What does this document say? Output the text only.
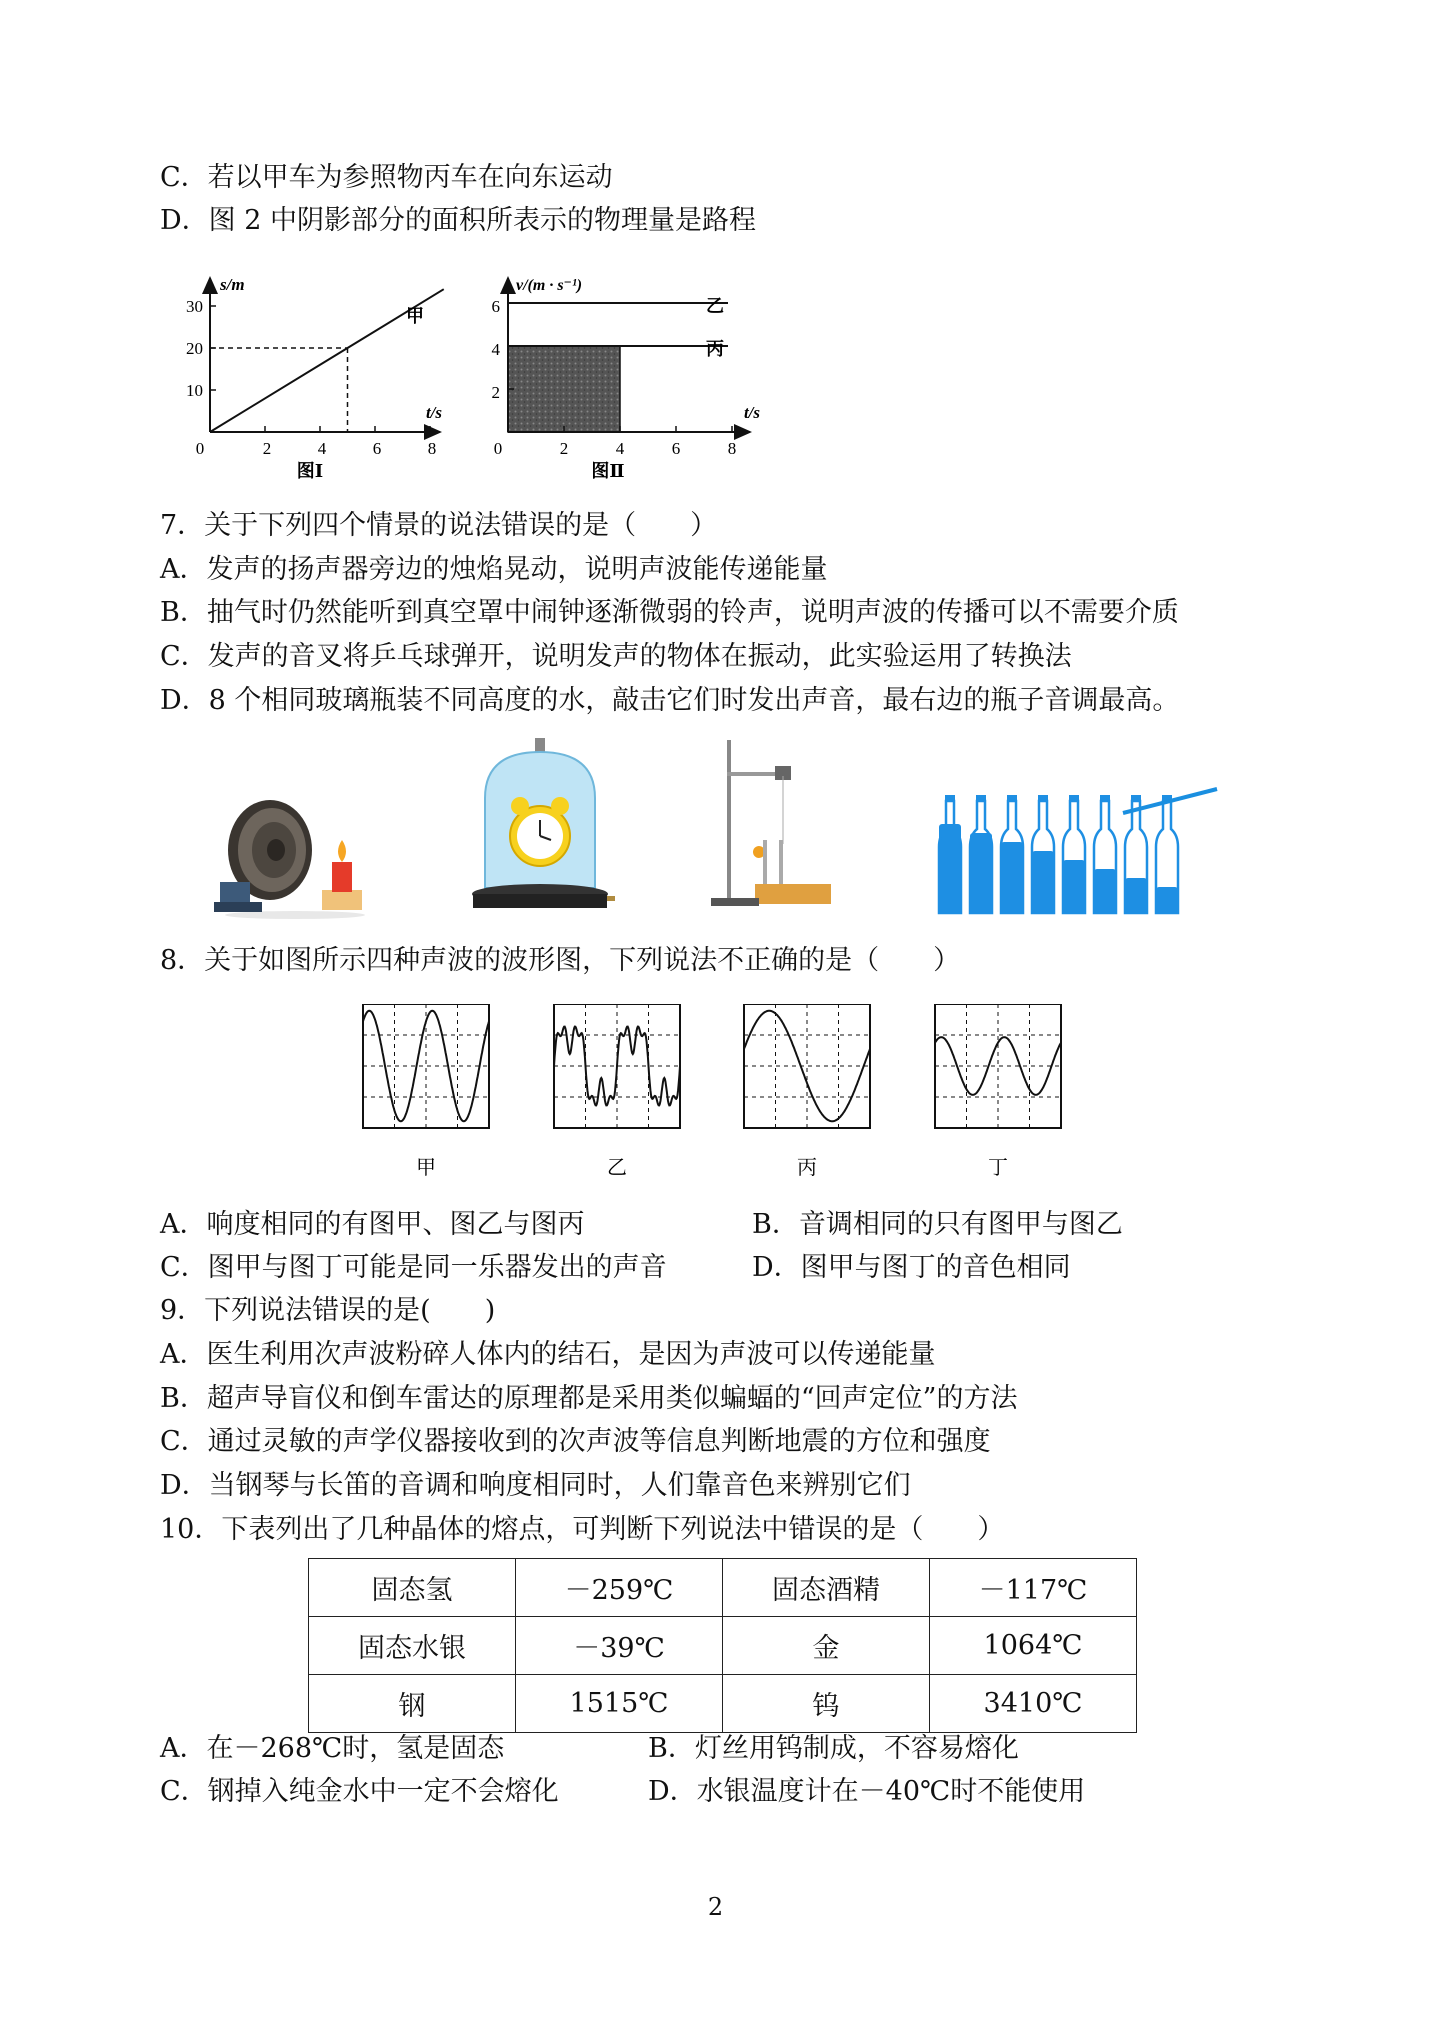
C．若以甲车为参照物丙车在向东运动
D．图 2 中阴影部分的面积所表示的物理量是路程
s/m
t/s
30
20
10
0	2	4	6	8
甲
图Ⅰ
v/(m · s⁻¹)
t/s
6
4
2
0	2	4	6	8
乙
丙
图Ⅱ
7．关于下列四个情景的说法错误的是（　　）
A．发声的扬声器旁边的烛焰晃动，说明声波能传递能量
B．抽气时仍然能听到真空罩中闹钟逐渐微弱的铃声，说明声波的传播可以不需要介质
C．发声的音叉将乒乓球弹开，说明发声的物体在振动，此实验运用了转换法
D．8 个相同玻璃瓶装不同高度的水，敲击它们时发出声音，最右边的瓶子音调最高。
8．关于如图所示四种声波的波形图，下列说法不正确的是（　　）
甲	乙	丙	丁
A．响度相同的有图甲、图乙与图丙	B．音调相同的只有图甲与图乙
C．图甲与图丁可能是同一乐器发出的声音	D．图甲与图丁的音色相同
9．下列说法错误的是(　　)
A．医生利用次声波粉碎人体内的结石，是因为声波可以传递能量
B．超声导盲仪和倒车雷达的原理都是采用类似蝙蝠的“回声定位”的方法
C．通过灵敏的声学仪器接收到的次声波等信息判断地震的方位和强度
D．当钢琴与长笛的音调和响度相同时，人们靠音色来辨别它们
10．下表列出了几种晶体的熔点，可判断下列说法中错误的是（　　）
固态氢	－259℃	固态酒精	－117℃
固态水银	－39℃	金	1064℃
钢	1515℃	钨	3410℃
A．在－268℃时，氢是固态	B．灯丝用钨制成，不容易熔化
C．钢掉入纯金水中一定不会熔化	D．水银温度计在－40℃时不能使用
2
